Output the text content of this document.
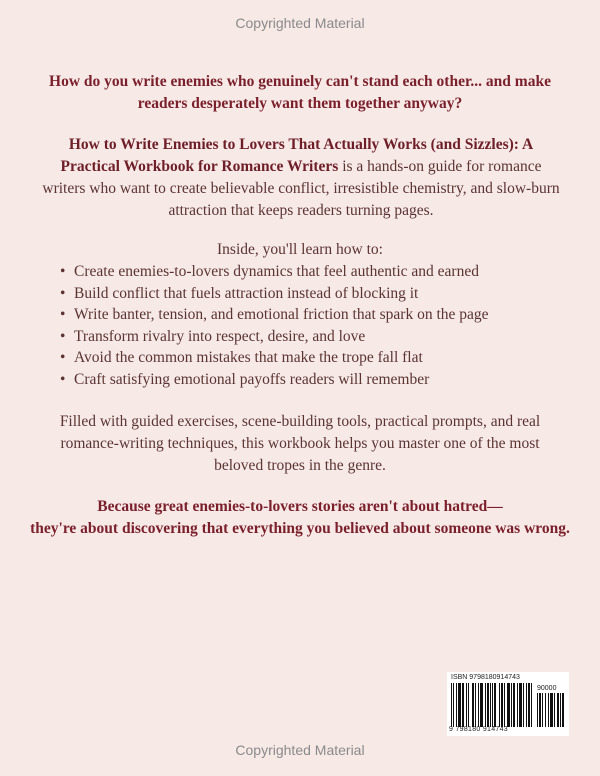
Copyrighted Material
How do you write enemies who genuinely can't stand each other... and make
readers desperately want them together anyway?
How to Write Enemies to Lovers That Actually Works (and Sizzles): A Practical Workbook for Romance Writers is a hands-on guide for romance writers who want to create believable conflict, irresistible chemistry, and slow-burn attraction that keeps readers turning pages.
Inside, you'll learn how to:
• Create enemies-to-lovers dynamics that feel authentic and earned
• Build conflict that fuels attraction instead of blocking it
• Write banter, tension, and emotional friction that spark on the page
• Transform rivalry into respect, desire, and love
• Avoid the common mistakes that make the trope fall flat
• Craft satisfying emotional payoffs readers will remember
Filled with guided exercises, scene-building tools, practical prompts, and real romance-writing techniques, this workbook helps you master one of the most beloved tropes in the genre.
Because great enemies-to-lovers stories aren't about hatred—
they're about discovering that everything you believed about someone was wrong.
ISBN 9798180914743
90000
9 798180 914743
Copyrighted Material
